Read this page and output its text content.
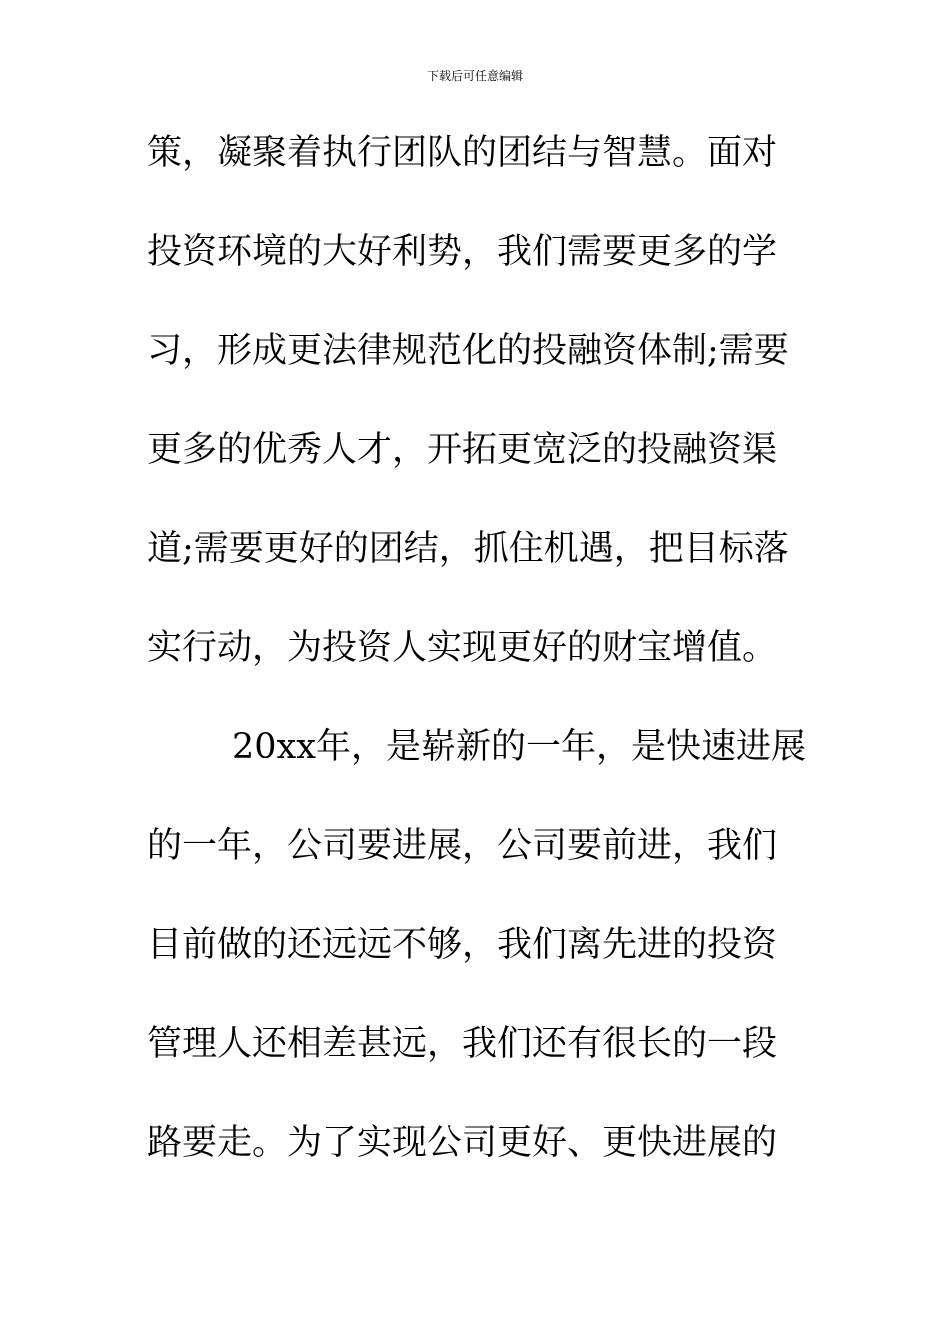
下载后可任意编辑
策，凝聚着执行团队的团结与智慧。面对
投资环境的大好利势，我们需要更多的学
习，形成更法律规范化的投融资体制;需要
更多的优秀人才，开拓更宽泛的投融资渠
道;需要更好的团结，抓住机遇，把目标落
实行动，为投资人实现更好的财宝增值。
20xx年，是崭新的一年，是快速进展
的一年，公司要进展，公司要前进，我们
目前做的还远远不够，我们离先进的投资
管理人还相差甚远，我们还有很长的一段
路要走。为了实现公司更好、更快进展的
